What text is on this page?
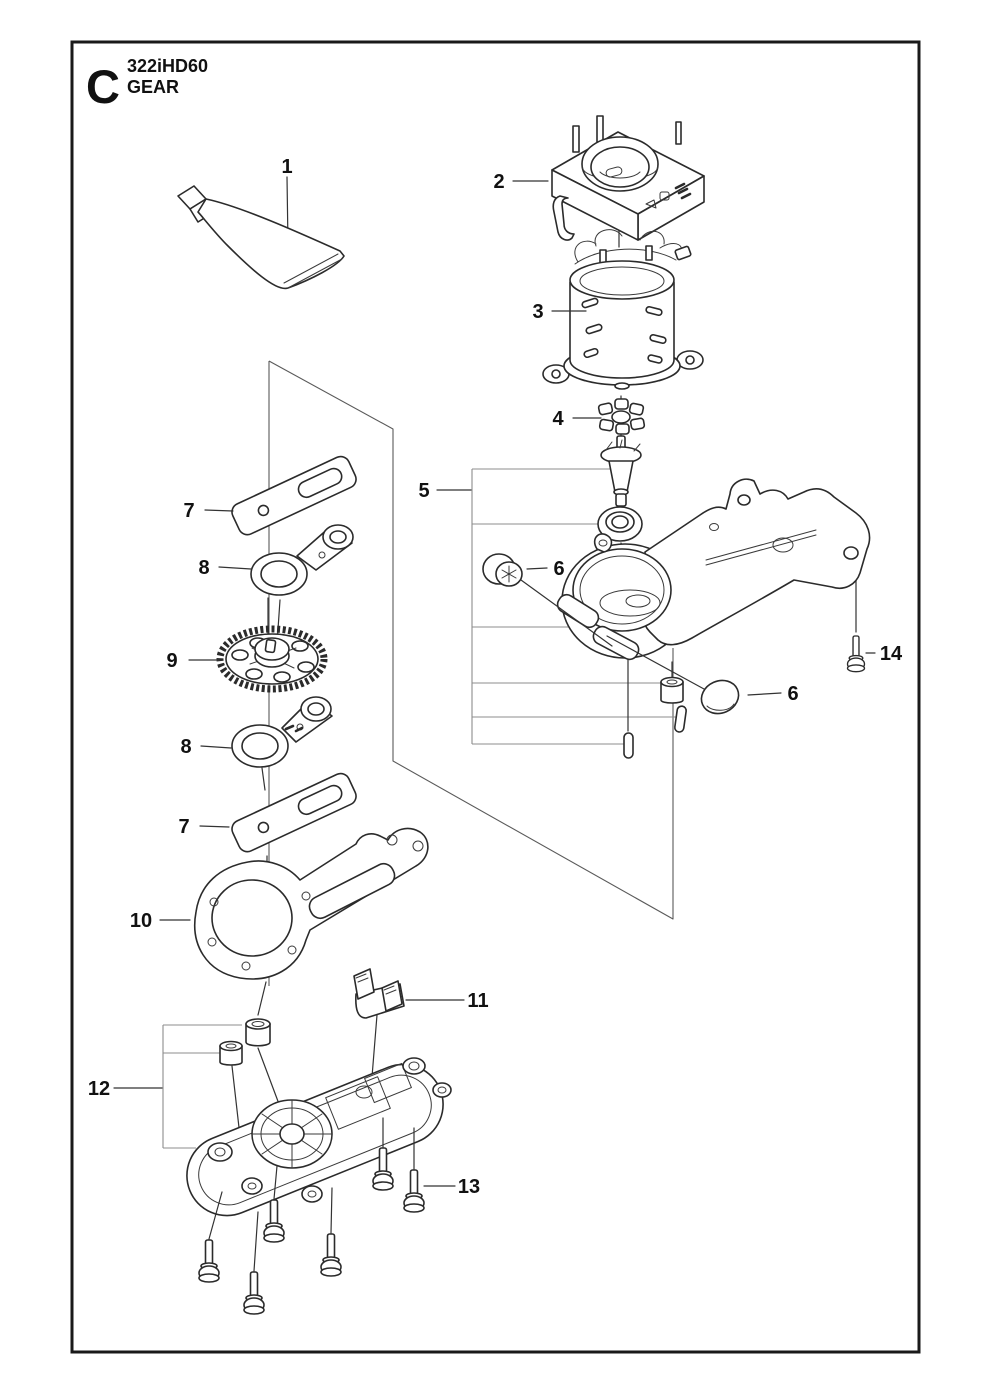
C 322iHD60
GEAR
1
2
3
4
5
6
6
7
8
9
8
7
10
11
12
13
14
